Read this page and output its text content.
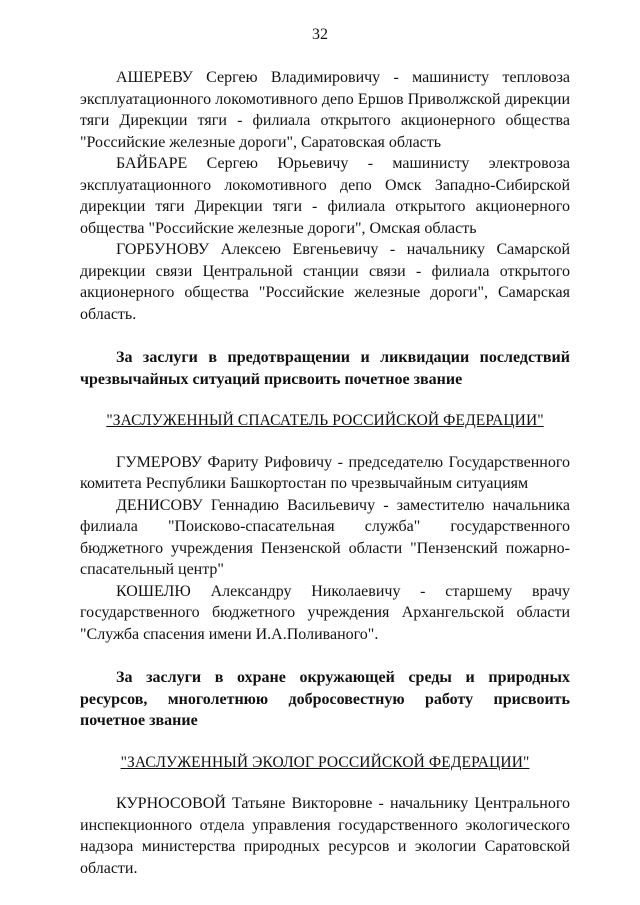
32

АШЕРЕВУ Сергею Владимировичу - машинисту тепловоза эксплуатационного локомотивного депо Ершов Приволжской дирекции тяги Дирекции тяги - филиала открытого акционерного общества "Российские железные дороги", Саратовская область

БАЙБАРЕ Сергею Юрьевичу - машинисту электровоза эксплуатационного локомотивного депо Омск Западно-Сибирской дирекции тяги Дирекции тяги - филиала открытого акционерного общества "Российские железные дороги", Омская область

ГОРБУНОВУ Алексею Евгеньевичу - начальнику Самарской дирекции связи Центральной станции связи - филиала открытого акционерного общества "Российские железные дороги", Самарская область.

За заслуги в предотвращении и ликвидации последствий чрезвычайных ситуаций присвоить почетное звание

"ЗАСЛУЖЕННЫЙ СПАСАТЕЛЬ РОССИЙСКОЙ ФЕДЕРАЦИИ"

ГУМЕРОВУ Фариту Рифовичу - председателю Государственного комитета Республики Башкортостан по чрезвычайным ситуациям

ДЕНИСОВУ Геннадию Васильевичу - заместителю начальника филиала "Поисково-спасательная служба" государственного бюджетного учреждения Пензенской области "Пензенский пожарно-спасательный центр"

КОШЕЛЮ Александру Николаевичу - старшему врачу государственного бюджетного учреждения Архангельской области "Служба спасения имени И.А.Поливаного".

За заслуги в охране окружающей среды и природных ресурсов, многолетнюю добросовестную работу присвоить почетное звание

"ЗАСЛУЖЕННЫЙ ЭКОЛОГ РОССИЙСКОЙ ФЕДЕРАЦИИ"

КУРНОСОВОЙ Татьяне Викторовне - начальнику Центрального инспекционного отдела управления государственного экологического надзора министерства природных ресурсов и экологии Саратовской области.
